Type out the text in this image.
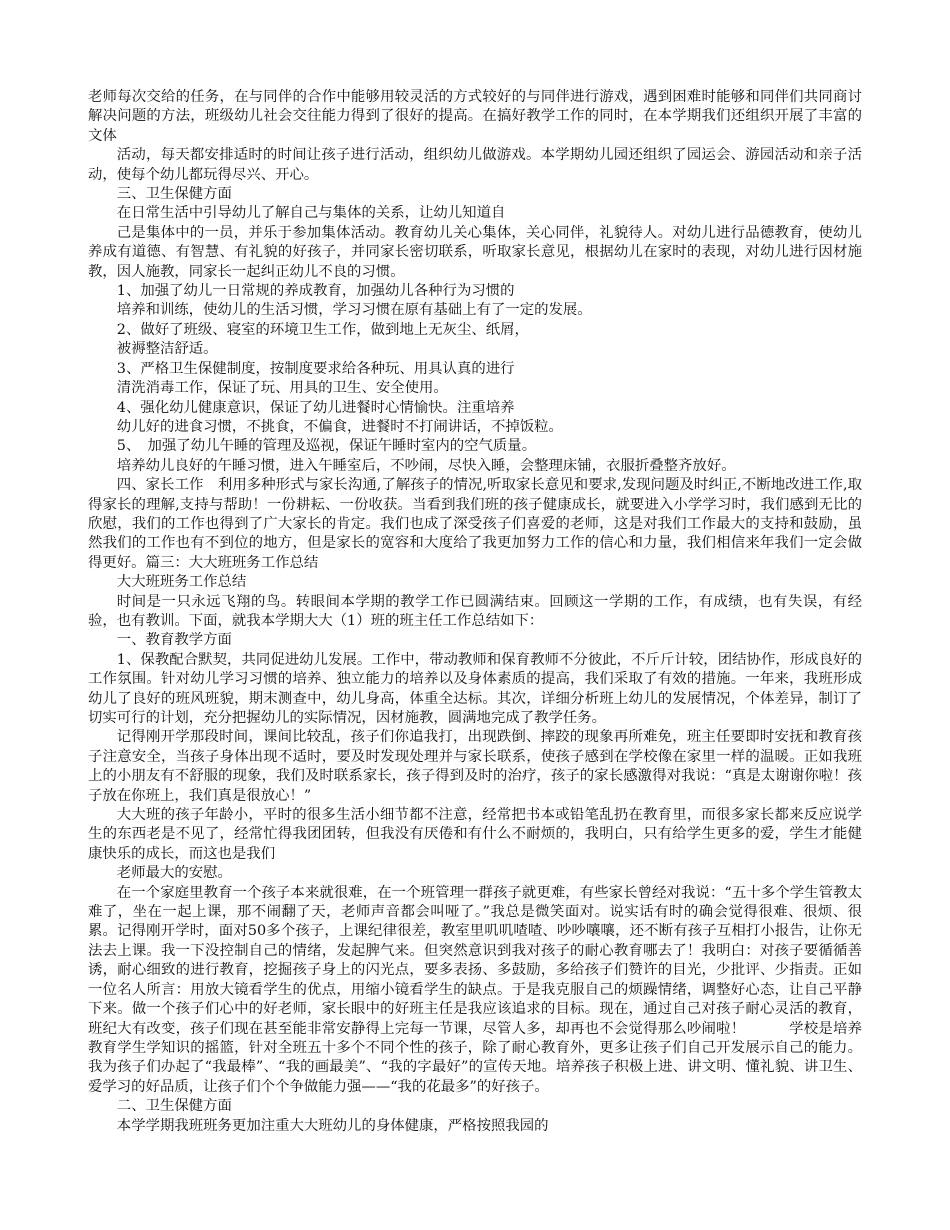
老师每次交给的任务，在与同伴的合作中能够用较灵活的方式较好的与同伴进行游戏，遇到困难时能够和同伴们共同商讨解决问题的方法，班级幼儿社会交往能力得到了很好的提高。在搞好教学工作的同时，在本学期我们还组织开展了丰富的文体

活动，每天都安排适时的时间让孩子进行活动，组织幼儿做游戏。本学期幼儿园还组织了园运会、游园活动和亲子活动，使每个幼儿都玩得尽兴、开心。

三、卫生保健方面

在日常生活中引导幼儿了解自己与集体的关系，让幼儿知道自

己是集体中的一员，并乐于参加集体活动。教育幼儿关心集体，关心同伴，礼貌待人。对幼儿进行品德教育，使幼儿养成有道德、有智慧、有礼貌的好孩子，并同家长密切联系，听取家长意见，根据幼儿在家时的表现，对幼儿进行因材施教，因人施教，同家长一起纠正幼儿不良的习惯。

1、加强了幼儿一日常规的养成教育，加强幼儿各种行为习惯的

培养和训练，使幼儿的生活习惯，学习习惯在原有基础上有了一定的发展。

2、做好了班级、寝室的环境卫生工作，做到地上无灰尘、纸屑，

被褥整洁舒适。

3、严格卫生保健制度，按制度要求给各种玩、用具认真的进行

清洗消毒工作，保证了玩、用具的卫生、安全使用。

4、强化幼儿健康意识，保证了幼儿进餐时心情愉快。注重培养

幼儿好的进食习惯，不挑食，不偏食，进餐时不打闹讲话，不掉饭粒。

5、　加强了幼儿午睡的管理及巡视，保证午睡时室内的空气质量。

培养幼儿良好的午睡习惯，进入午睡室后，不吵闹，尽快入睡，会整理床铺，衣服折叠整齐放好。

四、家长工作　利用多种形式与家长沟通,了解孩子的情况,听取家长意见和要求,发现问题及时纠正,不断地改进工作,取得家长的理解,支持与帮助！一份耕耘、一份收获。当看到我们班的孩子健康成长，就要进入小学学习时，我们感到无比的欣慰，我们的工作也得到了广大家长的肯定。我们也成了深受孩子们喜爱的老师，这是对我们工作最大的支持和鼓励，虽然我们的工作也有不到位的地方，但是家长的宽容和大度给了我更加努力工作的信心和力量，我们相信来年我们一定会做得更好。篇三：大大班班务工作总结

大大班班务工作总结

时间是一只永远飞翔的鸟。转眼间本学期的教学工作已圆满结束。回顾这一学期的工作，有成绩，也有失误，有经验，也有教训。下面，就我本学期大大（1）班的班主任工作总结如下：

一、教育教学方面

1、保教配合默契，共同促进幼儿发展。工作中，带动教师和保育教师不分彼此，不斤斤计较，团结协作，形成良好的工作氛围。针对幼儿学习习惯的培养、独立能力的培养以及身体素质的提高，我们采取了有效的措施。一年来，我班形成幼儿了良好的班风班貌，期末测查中，幼儿身高，体重全达标。其次，详细分析班上幼儿的发展情况，个体差异，制订了切实可行的计划，充分把握幼儿的实际情况，因材施教，圆满地完成了教学任务。

记得刚开学那段时间，课间比较乱，孩子们你追我打，出现跌倒、摔跤的现象再所难免，班主任要即时安抚和教育孩子注意安全，当孩子身体出现不适时，要及时发现处理并与家长联系，使孩子感到在学校像在家里一样的温暖。正如我班上的小朋友有不舒服的现象，我们及时联系家长，孩子得到及时的治疗，孩子的家长感激得对我说：“真是太谢谢你啦！孩子放在你班上，我们真是很放心！”

大大班的孩子年龄小，平时的很多生活小细节都不注意，经常把书本或铅笔乱扔在教育里，而很多家长都来反应说学生的东西老是不见了，经常忙得我团团转，但我没有厌倦和有什么不耐烦的，我明白，只有给学生更多的爱，学生才能健康快乐的成长，而这也是我们

老师最大的安慰。

在一个家庭里教育一个孩子本来就很难，在一个班管理一群孩子就更难，有些家长曾经对我说：“五十多个学生管教太难了，坐在一起上课，那不闹翻了天，老师声音都会叫哑了。”我总是微笑面对。说实话有时的确会觉得很难、很烦、很累。记得刚开学时，面对50多个孩子，上课纪律很差，教室里叽叽喳喳、吵吵嚷嚷，还不断有孩子互相打小报告，让你无法去上课。我一下没控制自己的情绪，发起脾气来。但突然意识到我对孩子的耐心教育哪去了！我明白：对孩子要循循善诱，耐心细致的进行教育，挖掘孩子身上的闪光点，要多表扬、多鼓励，多给孩子们赞许的目光，少批评、少指责。正如一位名人所言：用放大镜看学生的优点，用缩小镜看学生的缺点。于是我克服自己的烦躁情绪，调整好心态，让自己平静下来。做一个孩子们心中的好老师，家长眼中的好班主任是我应该追求的目标。现在，通过自己对孩子耐心灵活的教育，班纪大有改变，孩子们现在甚至能非常安静得上完每一节课，尽管人多，却再也不会觉得那么吵闹啦！　　　学校是培养教育学生学知识的摇篮，针对全班五十多个不同个性的孩子，除了耐心教育外，更多让孩子们自己开发展示自己的能力。我为孩子们办起了“我最棒”、“我的画最美”、“我的字最好”的宣传天地。培养孩子积极上进、讲文明、懂礼貌、讲卫生、爱学习的好品质，让孩子们个个争做能力强——“我的花最多”的好孩子。

二、卫生保健方面

本学学期我班班务更加注重大大班幼儿的身体健康，严格按照我园的
